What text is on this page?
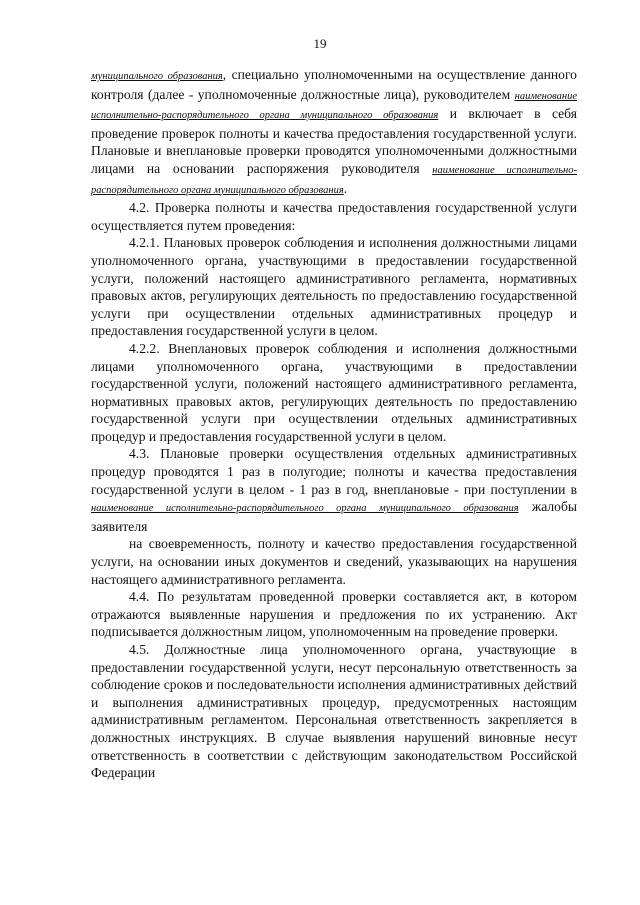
19

муниципального образования, специально уполномоченными на осуществление данного контроля (далее - уполномоченные должностные лица), руководителем наименование исполнительно-распорядительного органа муниципального образования и включает в себя проведение проверок полноты и качества предоставления государственной услуги. Плановые и внеплановые проверки проводятся уполномоченными должностными лицами на основании распоряжения руководителя наименование исполнительно-распорядительного органа муниципального образования.

4.2. Проверка полноты и качества предоставления государственной услуги осуществляется путем проведения:

4.2.1. Плановых проверок соблюдения и исполнения должностными лицами уполномоченного органа, участвующими в предоставлении государственной услуги, положений настоящего административного регламента, нормативных правовых актов, регулирующих деятельность по предоставлению государственной услуги при осуществлении отдельных административных процедур и предоставления государственной услуги в целом.

4.2.2. Внеплановых проверок соблюдения и исполнения должностными лицами уполномоченного органа, участвующими в предоставлении государственной услуги, положений настоящего административного регламента, нормативных правовых актов, регулирующих деятельность по предоставлению государственной услуги при осуществлении отдельных административных процедур и предоставления государственной услуги в целом.

4.3. Плановые проверки осуществления отдельных административных процедур проводятся 1 раз в полугодие; полноты и качества предоставления государственной услуги в целом - 1 раз в год, внеплановые - при поступлении в наименование исполнительно-распорядительного органа муниципального образования жалобы заявителя

на своевременность, полноту и качество предоставления государственной услуги, на основании иных документов и сведений, указывающих на нарушения настоящего административного регламента.

4.4. По результатам проведенной проверки составляется акт, в котором отражаются выявленные нарушения и предложения по их устранению. Акт подписывается должностным лицом, уполномоченным на проведение проверки.

4.5. Должностные лица уполномоченного органа, участвующие в предоставлении государственной услуги, несут персональную ответственность за соблюдение сроков и последовательности исполнения административных действий и выполнения административных процедур, предусмотренных настоящим административным регламентом. Персональная ответственность закрепляется в должностных инструкциях. В случае выявления нарушений виновные несут ответственность в соответствии с действующим законодательством Российской Федерации
